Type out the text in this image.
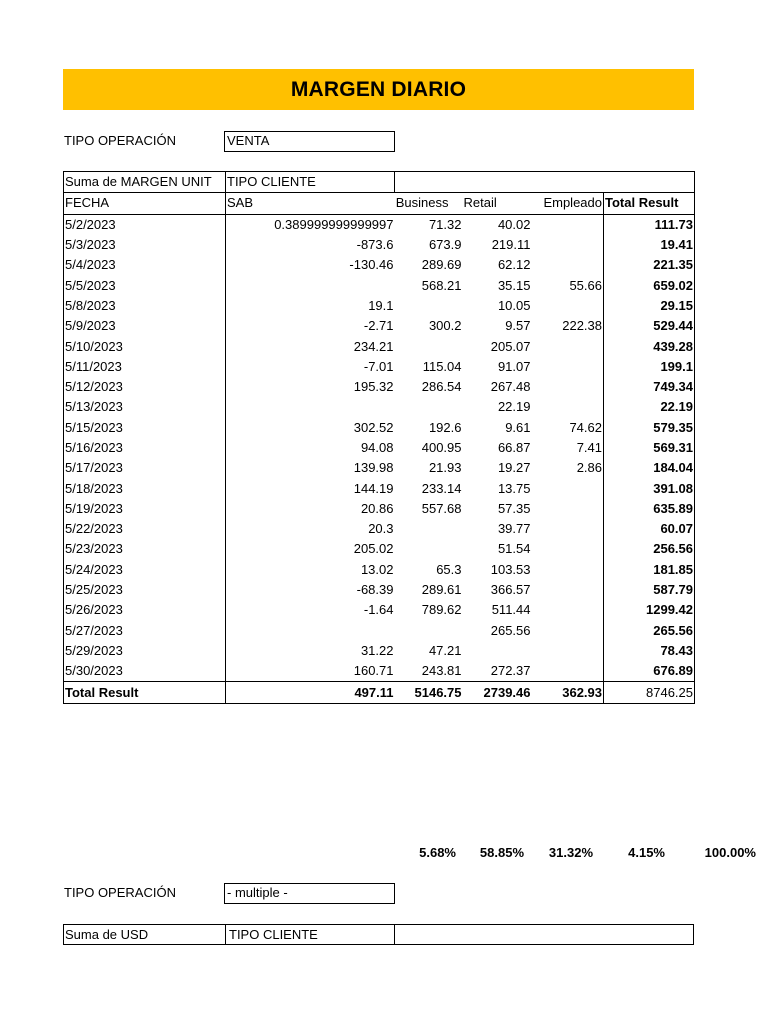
MARGEN DIARIO
TIPO OPERACIÓN	VENTA
Suma de MARGEN UNIT	TIPO CLIENTE				
FECHA	SAB	Business	Retail	Empleado	Total Result
5/2/2023	0.389999999999997	71.32	40.02		111.73
5/3/2023	-873.6	673.9	219.11		19.41
5/4/2023	-130.46	289.69	62.12		221.35
5/5/2023		568.21	35.15	55.66	659.02
5/8/2023	19.1		10.05		29.15
5/9/2023	-2.71	300.2	9.57	222.38	529.44
5/10/2023	234.21		205.07		439.28
5/11/2023	-7.01	115.04	91.07		199.1
5/12/2023	195.32	286.54	267.48		749.34
5/13/2023			22.19		22.19
5/15/2023	302.52	192.6	9.61	74.62	579.35
5/16/2023	94.08	400.95	66.87	7.41	569.31
5/17/2023	139.98	21.93	19.27	2.86	184.04
5/18/2023	144.19	233.14	13.75		391.08
5/19/2023	20.86	557.68	57.35		635.89
5/22/2023	20.3		39.77		60.07
5/23/2023	205.02		51.54		256.56
5/24/2023	13.02	65.3	103.53		181.85
5/25/2023	-68.39	289.61	366.57		587.79
5/26/2023	-1.64	789.62	511.44		1299.42
5/27/2023			265.56		265.56
5/29/2023	31.22	47.21			78.43
5/30/2023	160.71	243.81	272.37		676.89
Total Result	497.11	5146.75	2739.46	362.93	8746.25
5.68%	58.85%	31.32%	4.15%	100.00%
TIPO OPERACIÓN	- multiple -
Suma de USD	TIPO CLIENTE
